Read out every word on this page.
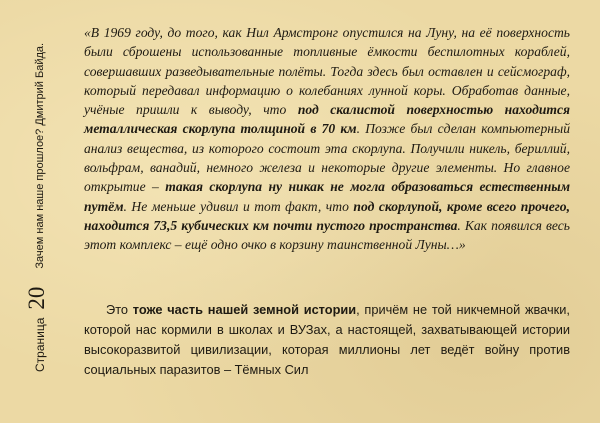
Страница
20
Зачем нам наше прошлое? Дмитрий Байда.
«В 1969 году, до того, как Нил Армстронг опустился на Луну, на её поверхность были сброшены использованные топливные ёмкости беспилотных кораблей, совершавших разведывательные полёты. Тогда здесь был оставлен и сейсмограф, который передавал информацию о колебаниях лунной коры. Обработав данные, учёные пришли к выводу, что под скалистой поверхностью находится металлическая скорлупа толщиной в 70 км. Позже был сделан компьютерный анализ вещества, из которого состоит эта скорлупа. Получили никель, бериллий, вольфрам, ванадий, немного железа и некоторые другие элементы. Но главное открытие – такая скорлупа ну никак не могла образоваться естественным путём. Не меньше удивил и тот факт, что под скорлупой, кроме всего прочего, находится 73,5 кубических км почти пустого пространства. Как появился весь этот комплекс – ещё одно очко в корзину таинственной Луны…»
Это тоже часть нашей земной истории, причём не той никчемной жвачки, которой нас кормили в школах и ВУЗах, а настоящей, захватывающей истории высокоразвитой цивилизации, которая миллионы лет ведёт войну против социальных паразитов – Тёмных Сил
